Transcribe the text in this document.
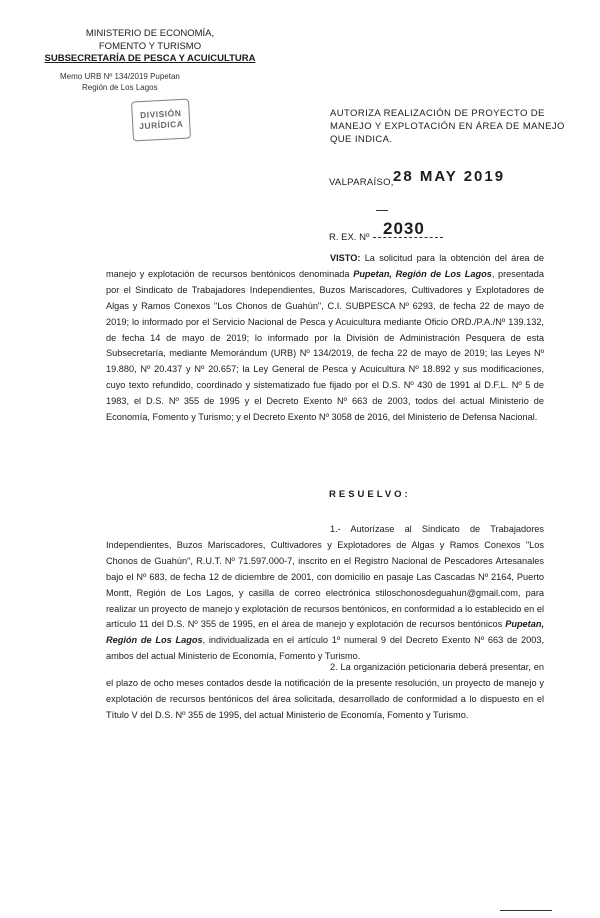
MINISTERIO DE ECONOMÍA,
FOMENTO Y TURISMO
SUBSECRETARÍA DE PESCA Y ACUICULTURA
Memo URB Nº 134/2019 Pupetan
Región de Los Lagos
DIVISIÓN
JURÍDICA
AUTORIZA REALIZACIÓN DE PROYECTO DE MANEJO Y EXPLOTACIÓN EN ÁREA DE MANEJO QUE INDICA.
VALPARAÍSO, 28 MAY 2019
R. EX. Nº 2030
VISTO: La solicitud para la obtención del área de manejo y explotación de recursos bentónicos denominada Pupetan, Región de Los Lagos, presentada por el Sindicato de Trabajadores Independientes, Buzos Mariscadores, Cultivadores y Explotadores de Algas y Ramos Conexos "Los Chonos de Guahún", C.I. SUBPESCA Nº 6293, de fecha 22 de mayo de 2019; lo informado por el Servicio Nacional de Pesca y Acuicultura mediante Oficio ORD./P.A./Nº 139.132, de fecha 14 de mayo de 2019; lo informado por la División de Administración Pesquera de esta Subsecretaría, mediante Memorándum (URB) Nº 134/2019, de fecha 22 de mayo de 2019; las Leyes Nº 19.880, Nº 20.437 y Nº 20.657; la Ley General de Pesca y Acuicultura Nº 18.892 y sus modificaciones, cuyo texto refundido, coordinado y sistematizado fue fijado por el D.S. Nº 430 de 1991 al D.F.L. Nº 5 de 1983, el D.S. Nº 355 de 1995 y el Decreto Exento Nº 663 de 2003, todos del actual Ministerio de Economía, Fomento y Turismo; y el Decreto Exento Nº 3058 de 2016, del Ministerio de Defensa Nacional.
RESUELVO:
1.- Autorízase al Sindicato de Trabajadores Independientes, Buzos Mariscadores, Cultivadores y Explotadores de Algas y Ramos Conexos "Los Chonos de Guahún", R.U.T. Nº 71.597.000-7, inscrito en el Registro Nacional de Pescadores Artesanales bajo el Nº 683, de fecha 12 de diciembre de 2001, con domicilio en pasaje Las Cascadas Nº 2164, Puerto Montt, Región de Los Lagos, y casilla de correo electrónica stiloschonosdeguahun@gmail.com, para realizar un proyecto de manejo y explotación de recursos bentónicos, en conformidad a lo establecido en el artículo 11 del D.S. Nº 355 de 1995, en el área de manejo y explotación de recursos bentónicos Pupetan, Región de Los Lagos, individualizada en el artículo 1º numeral 9 del Decreto Exento Nº 663 de 2003, ambos del actual Ministerio de Economía, Fomento y Turismo.
2. La organización peticionaria deberá presentar, en el plazo de ocho meses contados desde la notificación de la presente resolución, un proyecto de manejo y explotación de recursos bentónicos del área solicitada, desarrollado de conformidad a lo dispuesto en el Título V del D.S. Nº 355 de 1995, del actual Ministerio de Economía, Fomento y Turismo.
